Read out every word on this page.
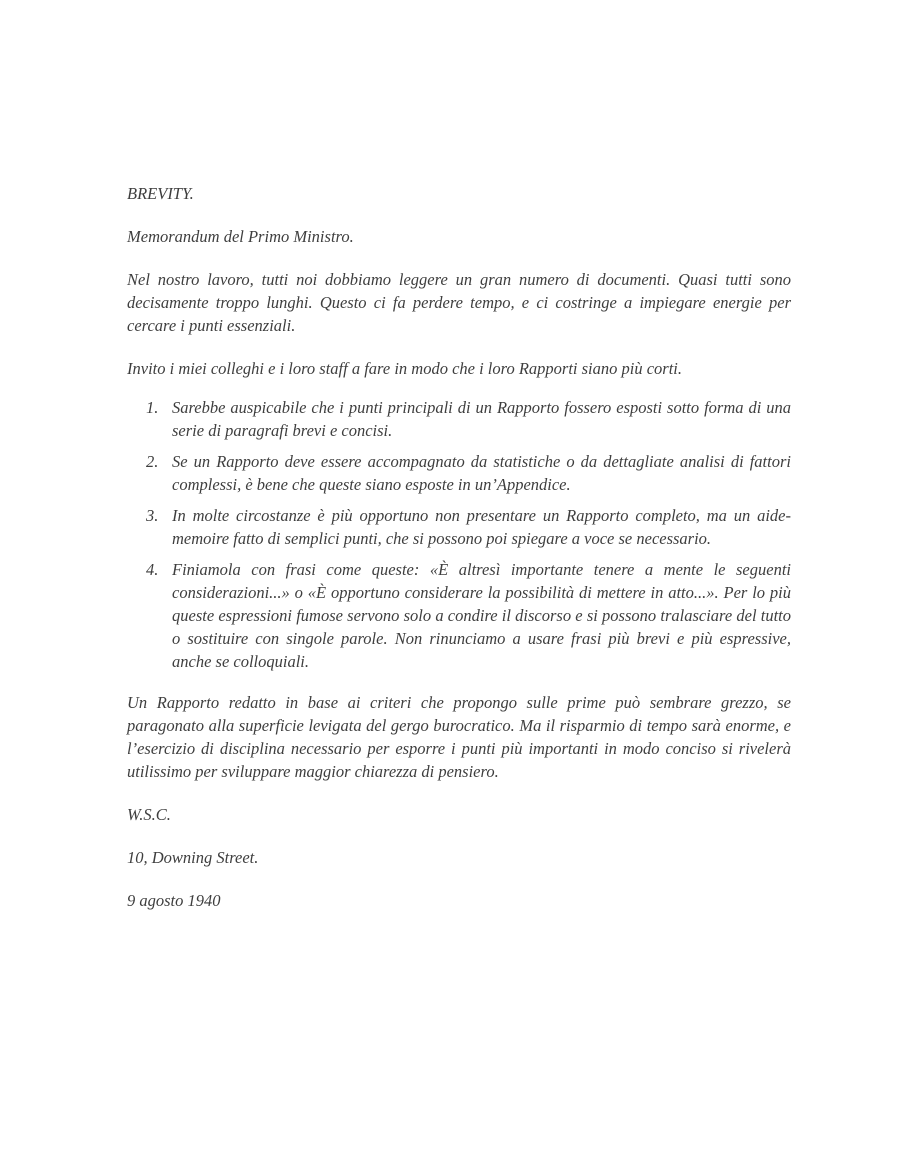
BREVITY.

Memorandum del Primo Ministro.

Nel nostro lavoro, tutti noi dobbiamo leggere un gran numero di documenti. Quasi tutti sono decisamente troppo lunghi. Questo ci fa perdere tempo, e ci costringe a impiegare energie per cercare i punti essenziali.

Invito i miei colleghi e i loro staff a fare in modo che i loro Rapporti siano più corti.

1. Sarebbe auspicabile che i punti principali di un Rapporto fossero esposti sotto forma di una serie di paragrafi brevi e concisi.
2. Se un Rapporto deve essere accompagnato da statistiche o da dettagliate analisi di fattori complessi, è bene che queste siano esposte in un’Appendice.
3. In molte circostanze è più opportuno non presentare un Rapporto completo, ma un aide-memoire fatto di semplici punti, che si possono poi spiegare a voce se necessario.
4. Finiamola con frasi come queste: «È altresì importante tenere a mente le seguenti considerazioni...» o «È opportuno considerare la possibilità di mettere in atto...». Per lo più queste espressioni fumose servono solo a condire il discorso e si possono tralasciare del tutto o sostituire con singole parole. Non rinunciamo a usare frasi più brevi e più espressive, anche se colloquiali.

Un Rapporto redatto in base ai criteri che propongo sulle prime può sembrare grezzo, se paragonato alla superficie levigata del gergo burocratico. Ma il risparmio di tempo sarà enorme, e l’esercizio di disciplina necessario per esporre i punti più importanti in modo conciso si rivelerà utilissimo per sviluppare maggior chiarezza di pensiero.

W.S.C.

10, Downing Street.

9 agosto 1940
